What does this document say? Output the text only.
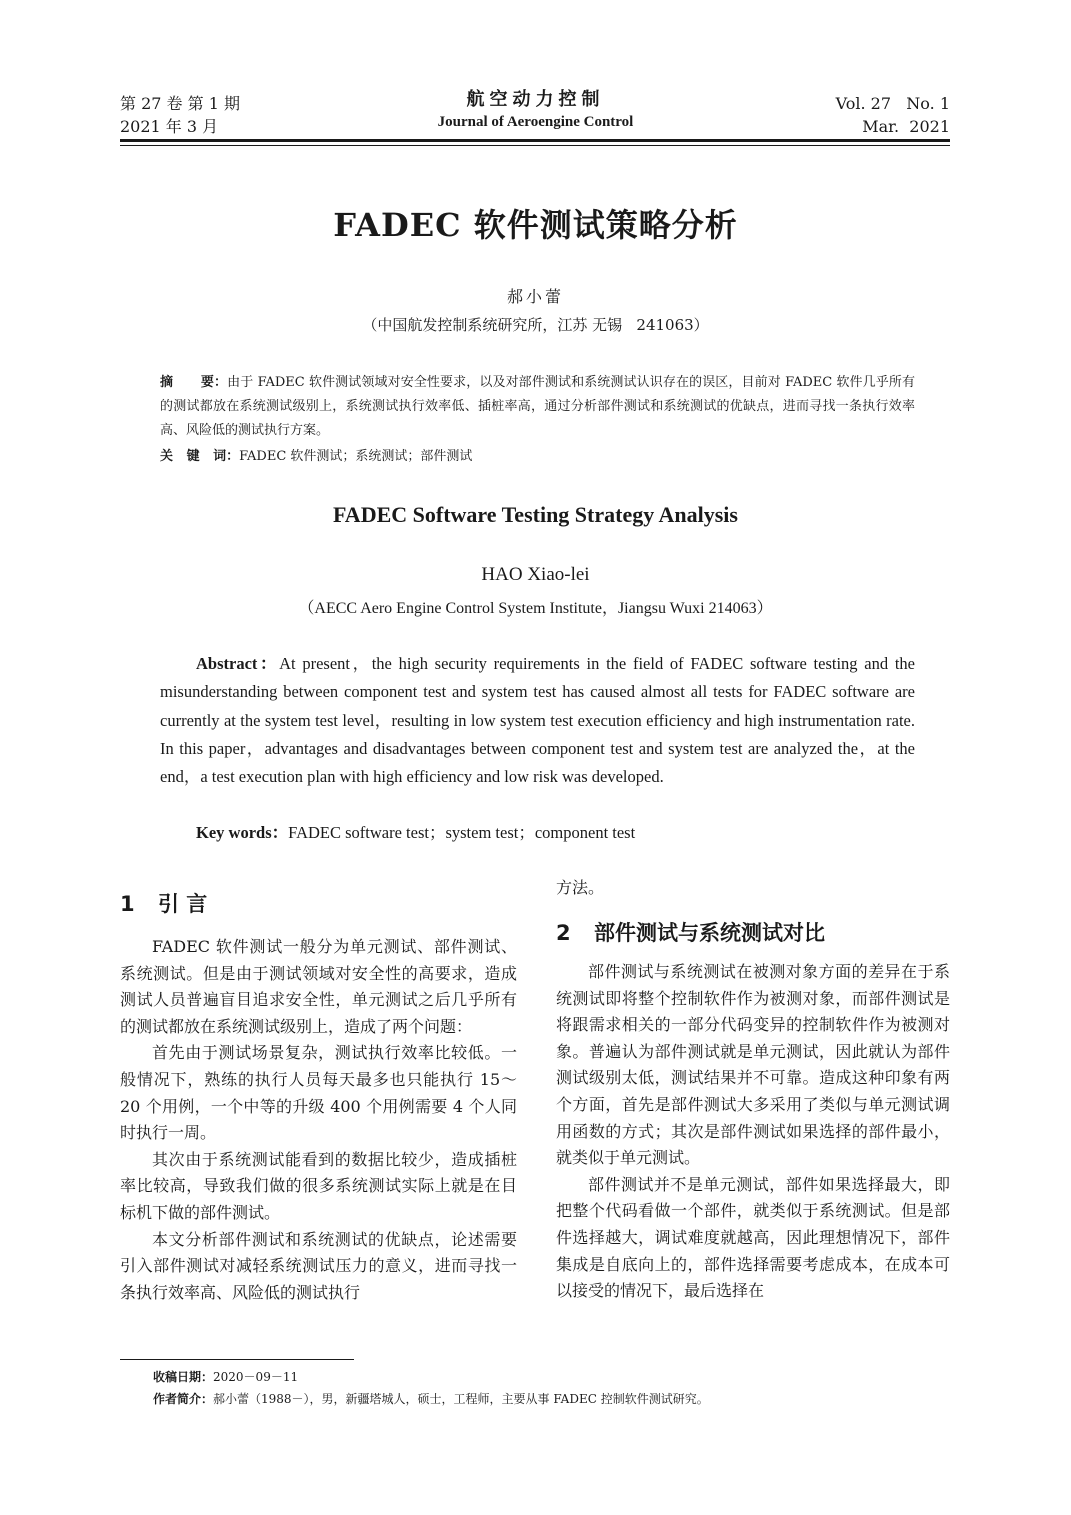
第 27 卷 第 1 期
2021 年 3 月
航空动力控制
Journal of Aeroengine Control
Vol. 27   No. 1
Mar.  2021
FADEC 软件测试策略分析
郝小蕾
（中国航发控制系统研究所，江苏 无锡   241063）
摘      要：由于 FADEC 软件测试领域对安全性要求，以及对部件测试和系统测试认识存在的误区，目前对 FADEC 软件几乎所有的测试都放在系统测试级别上，系统测试执行效率低、插桩率高，通过分析部件测试和系统测试的优缺点，进而寻找一条执行效率高、风险低的测试执行方案。
关   键   词：FADEC 软件测试；系统测试；部件测试
FADEC Software Testing Strategy Analysis
HAO Xiao-lei
（AECC Aero Engine Control System Institute，Jiangsu Wuxi 214063）
Abstract：At present，the high security requirements in the field of FADEC software testing and the misunderstanding between component test and system test has caused almost all tests for FADEC software are currently at the system test level，resulting in low system test execution efficiency and high instrumentation rate. In this paper，advantages and disadvantages between component test and system test are analyzed the，at the end，a test execution plan with high efficiency and low risk was developed.
Key words：FADEC software test；system test；component test
1 引 言

FADEC 软件测试一般分为单元测试、部件测试、系统测试。但是由于测试领域对安全性的高要求，造成测试人员普遍盲目追求安全性，单元测试之后几乎所有的测试都放在系统测试级别上，造成了两个问题：

首先由于测试场景复杂，测试执行效率比较低。一般情况下，熟练的执行人员每天最多也只能执行 15～20 个用例，一个中等的升级 400 个用例需要 4 个人同时执行一周。

其次由于系统测试能看到的数据比较少，造成插桩率比较高，导致我们做的很多系统测试实际上就是在目标机下做的部件测试。

本文分析部件测试和系统测试的优缺点，论述需要引入部件测试对减轻系统测试压力的意义，进而寻找一条执行效率高、风险低的测试执行

方法。
2 部件测试与系统测试对比

部件测试与系统测试在被测对象方面的差异在于系统测试即将整个控制软件作为被测对象，而部件测试是将跟需求相关的一部分代码变异的控制软件作为被测对象。普遍认为部件测试就是单元测试，因此就认为部件测试级别太低，测试结果并不可靠。造成这种印象有两个方面，首先是部件测试大多采用了类似与单元测试调用函数的方式；其次是部件测试如果选择的部件最小，就类似于单元测试。

部件测试并不是单元测试，部件如果选择最大，即把整个代码看做一个部件，就类似于系统测试。但是部件选择越大，调试难度就越高，因此理想情况下，部件集成是自底向上的，部件选择需要考虑成本，在成本可以接受的情况下，最后选择在

收稿日期：2020－09－11
作者简介：郝小蕾（1988－），男，新疆塔城人，硕士，工程师，主要从事 FADEC 控制软件测试研究。
